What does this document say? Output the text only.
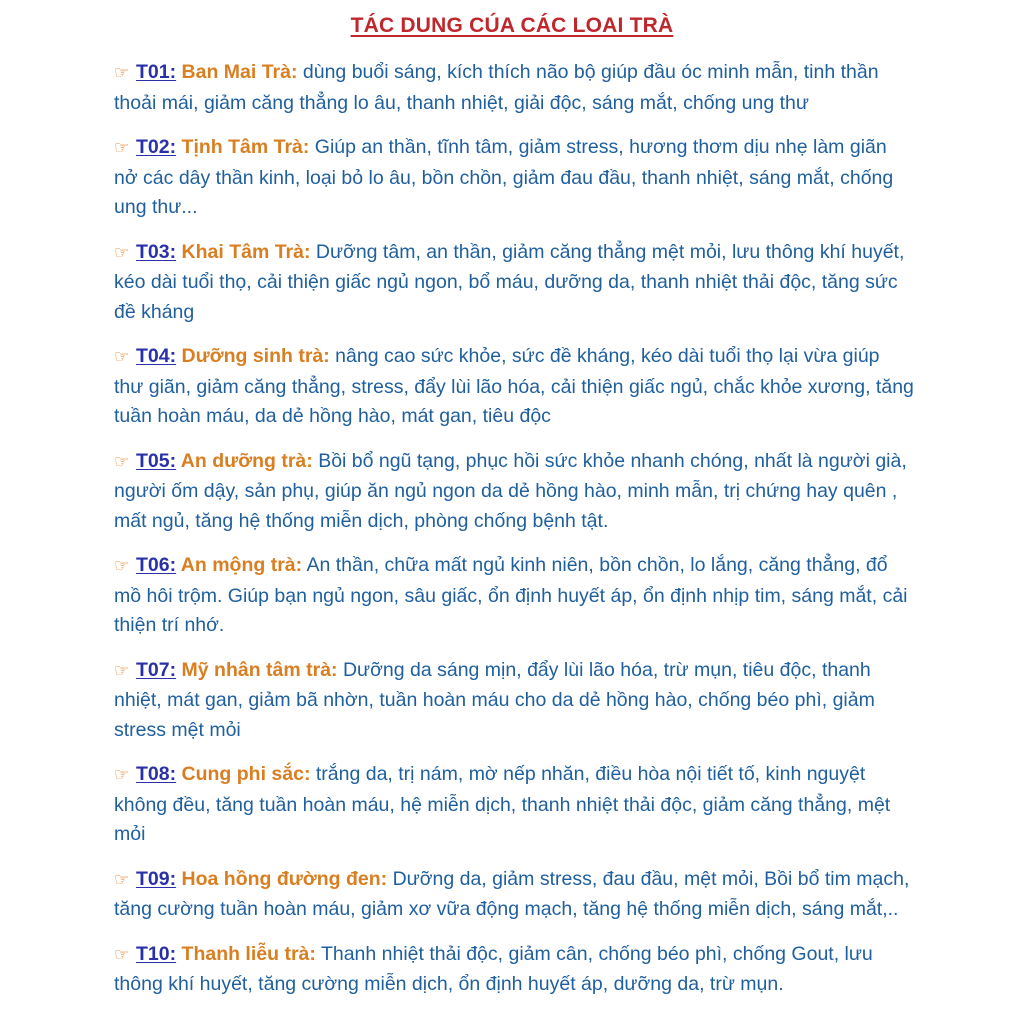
TÁC DUNG CÚA CÁC LOAI TRÀ

☞ T01: Ban Mai Trà: dùng buổi sáng, kích thích não bộ giúp đầu óc minh mẫn, tinh thần thoải mái, giảm căng thẳng lo âu, thanh nhiệt, giải độc, sáng mắt, chống ung thư

☞ T02: Tịnh Tâm Trà: Giúp an thần, tĩnh tâm, giảm stress, hương thơm dịu nhẹ làm giãn nở các dây thần kinh, loại bỏ lo âu, bồn chồn, giảm đau đầu, thanh nhiệt, sáng mắt, chống ung thư...

☞ T03: Khai Tâm Trà: Dưỡng tâm, an thần, giảm căng thẳng mệt mỏi, lưu thông khí huyết, kéo dài tuổi thọ, cải thiện giấc ngủ ngon, bổ máu, dưỡng da, thanh nhiệt thải độc, tăng sức đề kháng

☞ T04: Dưỡng sinh trà: nâng cao sức khỏe, sức đề kháng, kéo dài tuổi thọ lại vừa giúp thư giãn, giảm căng thẳng, stress, đẩy lùi lão hóa, cải thiện giấc ngủ, chắc khỏe xương, tăng tuần hoàn máu, da dẻ hồng hào, mát gan, tiêu độc

☞ T05: An dưỡng trà: Bồi bổ ngũ tạng, phục hồi sức khỏe nhanh chóng, nhất là người già, người ốm dậy, sản phụ, giúp ăn ngủ ngon da dẻ hồng hào, minh mẫn, trị chứng hay quên , mất ngủ, tăng hệ thống miễn dịch, phòng chống bệnh tật.

☞ T06: An mộng trà: An thần, chữa mất ngủ kinh niên, bồn chồn, lo lắng, căng thẳng, đổ mồ hôi trộm. Giúp bạn ngủ ngon, sâu giấc, ổn định huyết áp, ổn định nhịp tim, sáng mắt, cải thiện trí nhớ.

☞ T07: Mỹ nhân tâm trà: Dưỡng da sáng mịn, đẩy lùi lão hóa, trừ mụn, tiêu độc, thanh nhiệt, mát gan, giảm bã nhờn, tuần hoàn máu cho da dẻ hồng hào, chống béo phì, giảm stress mệt mỏi

☞ T08: Cung phi sắc: trắng da, trị nám, mờ nếp nhăn, điều hòa nội tiết tố, kinh nguyệt không đều, tăng tuần hoàn máu, hệ miễn dịch, thanh nhiệt thải độc, giảm căng thẳng, mệt mỏi

☞ T09: Hoa hồng đường đen: Dưỡng da, giảm stress, đau đầu, mệt mỏi, Bồi bổ tim mạch, tăng cường tuần hoàn máu, giảm xơ vữa động mạch, tăng hệ thống miễn dịch, sáng mắt,..

☞ T10: Thanh liễu trà: Thanh nhiệt thải độc, giảm cân, chống béo phì, chống Gout, lưu thông khí huyết, tăng cường miễn dịch, ổn định huyết áp, dưỡng da, trừ mụn.
